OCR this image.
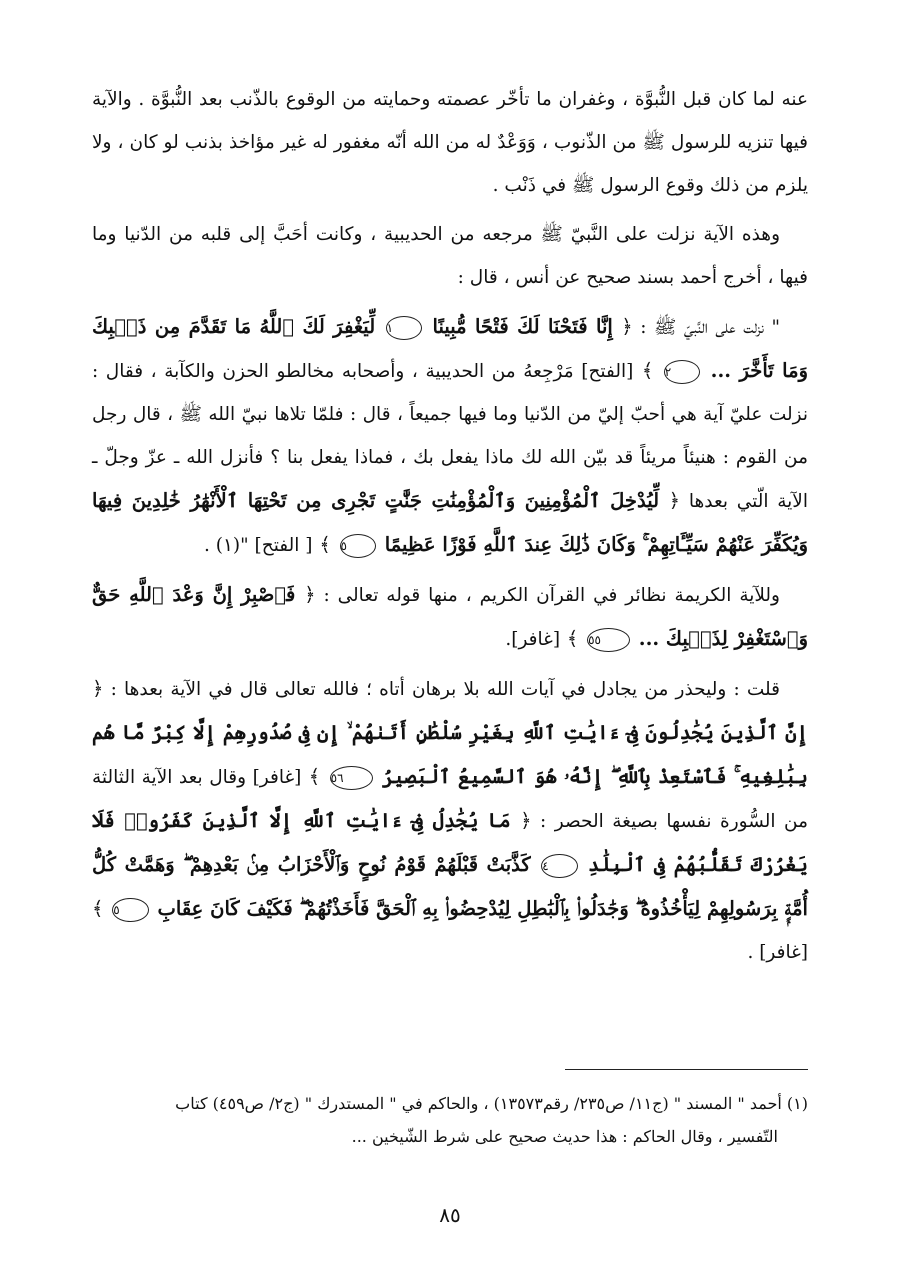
عنه لما كان قبل النُّبوَّة ، وغفران ما تأخّر عصمته وحمايته من الوقوع بالذّنب بعد النُّبوَّة . والآية فيها تنزيه للرسول ﷺ من الذّنوب ، وَوَعْدٌ له من الله أنّه مغفور له غير مؤاخذ بذنب لو كان ، ولا يلزم من ذلك وقوع الرسول ﷺ في ذَنْب .

وهذه الآية نزلت على النَّبيّ ﷺ مرجعه من الحديبية ، وكانت أحَبَّ إلى قلبه من الدّنيا وما فيها ، أخرج أحمد بسند صحيح عن أنس ، قال :

" نزلت على النَّبيّ ﷺ : ﴿ إِنَّا فَتَحْنَا لَكَ فَتْحًا مُّبِينًا ١ لِّيَغْفِرَ لَكَ ٱللَّهُ مَا تَقَدَّمَ مِن ذَنۢبِكَ وَمَا تَأَخَّرَ ... ٢ ﴾ [الفتح] مَرْجِعهُ من الحديبية ، وأصحابه مخالطو الحزن والكآبة ، فقال : نزلت عليّ آية هي أحبّ إليّ من الدّنيا وما فيها جميعاً ، قال : فلمّا تلاها نبيّ الله ﷺ ، قال رجل من القوم : هنيئاً مريئاً قد بيّن الله لك ماذا يفعل بك ، فماذا يفعل بنا ؟ فأنزل الله ـ عزّ وجلّ ـ الآية الّتي بعدها ﴿ لِّيُدْخِلَ ٱلْمُؤْمِنِينَ وَٱلْمُؤْمِنَٰتِ جَنَّٰتٍ تَجْرِى مِن تَحْتِهَا ٱلْأَنْهَٰرُ خَٰلِدِينَ فِيهَا وَيُكَفِّرَ عَنْهُمْ سَيِّـَٔاتِهِمْ ۚ وَكَانَ ذَٰلِكَ عِندَ ٱللَّهِ فَوْزًا عَظِيمًا ٥ ﴾ [ الفتح] "(١) .

وللآية الكريمة نظائر في القرآن الكريم ، منها قوله تعالى : ﴿ فَٱصْبِرْ إِنَّ وَعْدَ ٱللَّهِ حَقٌّ وَٱسْتَغْفِرْ لِذَنۢبِكَ ... ٥٥ ﴾ [غافر].

قلت : وليحذر من يجادل في آيات الله بلا برهان أتاه ؛ فالله تعالى قال في الآية بعدها : ﴿ إِنَّ ٱلَّذِينَ يُجَٰدِلُونَ فِىٓ ءَايَٰتِ ٱللَّهِ بِغَيْرِ سُلْطَٰنٍ أَتَىٰهُمْ ۙ إِن فِى صُدُورِهِمْ إِلَّا كِبْرٌ مَّا هُم بِبَٰلِغِيهِ ۚ فَٱسْتَعِذْ بِٱللَّهِ ۖ إِنَّهُۥ هُوَ ٱلسَّمِيعُ ٱلْبَصِيرُ ٥٦ ﴾ [غافر] وقال بعد الآية الثالثة من السُّورة نفسها بصيغة الحصر : ﴿ مَا يُجَٰدِلُ فِىٓ ءَايَٰتِ ٱللَّهِ إِلَّا ٱلَّذِينَ كَفَرُوا۟ فَلَا يَغْرُرْكَ تَقَلُّبُهُمْ فِى ٱلْبِلَٰدِ ٤ كَذَّبَتْ قَبْلَهُمْ قَوْمُ نُوحٍ وَٱلْأَحْزَابُ مِنۢ بَعْدِهِمْ ۖ وَهَمَّتْ كُلُّ أُمَّةٍۭ بِرَسُولِهِمْ لِيَأْخُذُوهُ ۖ وَجَٰدَلُوا۟ بِٱلْبَٰطِلِ لِيُدْحِضُوا۟ بِهِ ٱلْحَقَّ فَأَخَذْتُهُمْ ۖ فَكَيْفَ كَانَ عِقَابِ ٥ ﴾ [غافر] .

(١) أحمد " المسند " (ج١١/ ص٢٣٥/ رقم١٣٥٧٣) ، والحاكم في " المستدرك " (ج٢/ ص٤٥٩) كتاب
التّفسير ، وقال الحاكم : هذا حديث صحيح على شرط الشّيخين ...

٨٥
